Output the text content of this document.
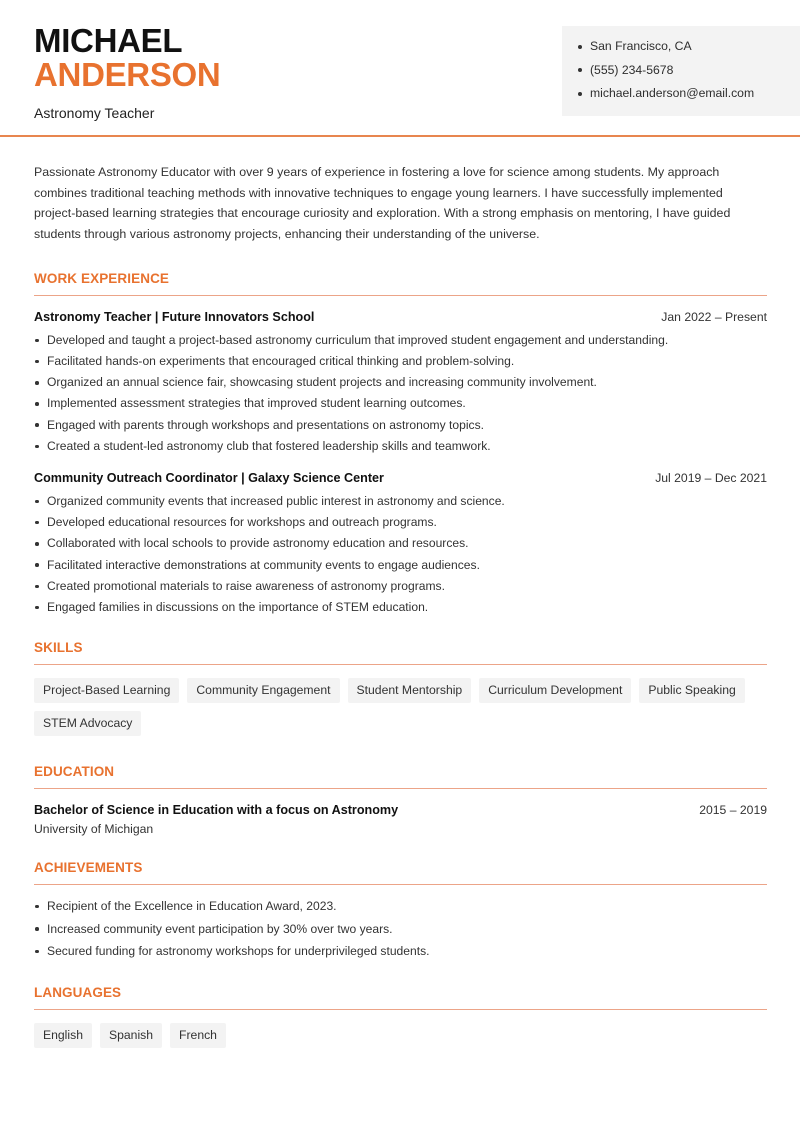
MICHAEL
ANDERSON
Astronomy Teacher
San Francisco, CA
(555) 234-5678
michael.anderson@email.com

Passionate Astronomy Educator with over 9 years of experience in fostering a love for science among students. My approach combines traditional teaching methods with innovative techniques to engage young learners. I have successfully implemented project-based learning strategies that encourage curiosity and exploration. With a strong emphasis on mentoring, I have guided students through various astronomy projects, enhancing their understanding of the universe.

WORK EXPERIENCE
Astronomy Teacher | Future Innovators School	Jan 2022 – Present
Developed and taught a project-based astronomy curriculum that improved student engagement and understanding.
Facilitated hands-on experiments that encouraged critical thinking and problem-solving.
Organized an annual science fair, showcasing student projects and increasing community involvement.
Implemented assessment strategies that improved student learning outcomes.
Engaged with parents through workshops and presentations on astronomy topics.
Created a student-led astronomy club that fostered leadership skills and teamwork.
Community Outreach Coordinator | Galaxy Science Center	Jul 2019 – Dec 2021
Organized community events that increased public interest in astronomy and science.
Developed educational resources for workshops and outreach programs.
Collaborated with local schools to provide astronomy education and resources.
Facilitated interactive demonstrations at community events to engage audiences.
Created promotional materials to raise awareness of astronomy programs.
Engaged families in discussions on the importance of STEM education.
SKILLS
Project-Based Learning	Community Engagement	Student Mentorship	Curriculum Development	Public Speaking
STEM Advocacy
EDUCATION
Bachelor of Science in Education with a focus on Astronomy	2015 – 2019
University of Michigan
ACHIEVEMENTS
Recipient of the Excellence in Education Award, 2023.
Increased community event participation by 30% over two years.
Secured funding for astronomy workshops for underprivileged students.
LANGUAGES
English	Spanish	French
